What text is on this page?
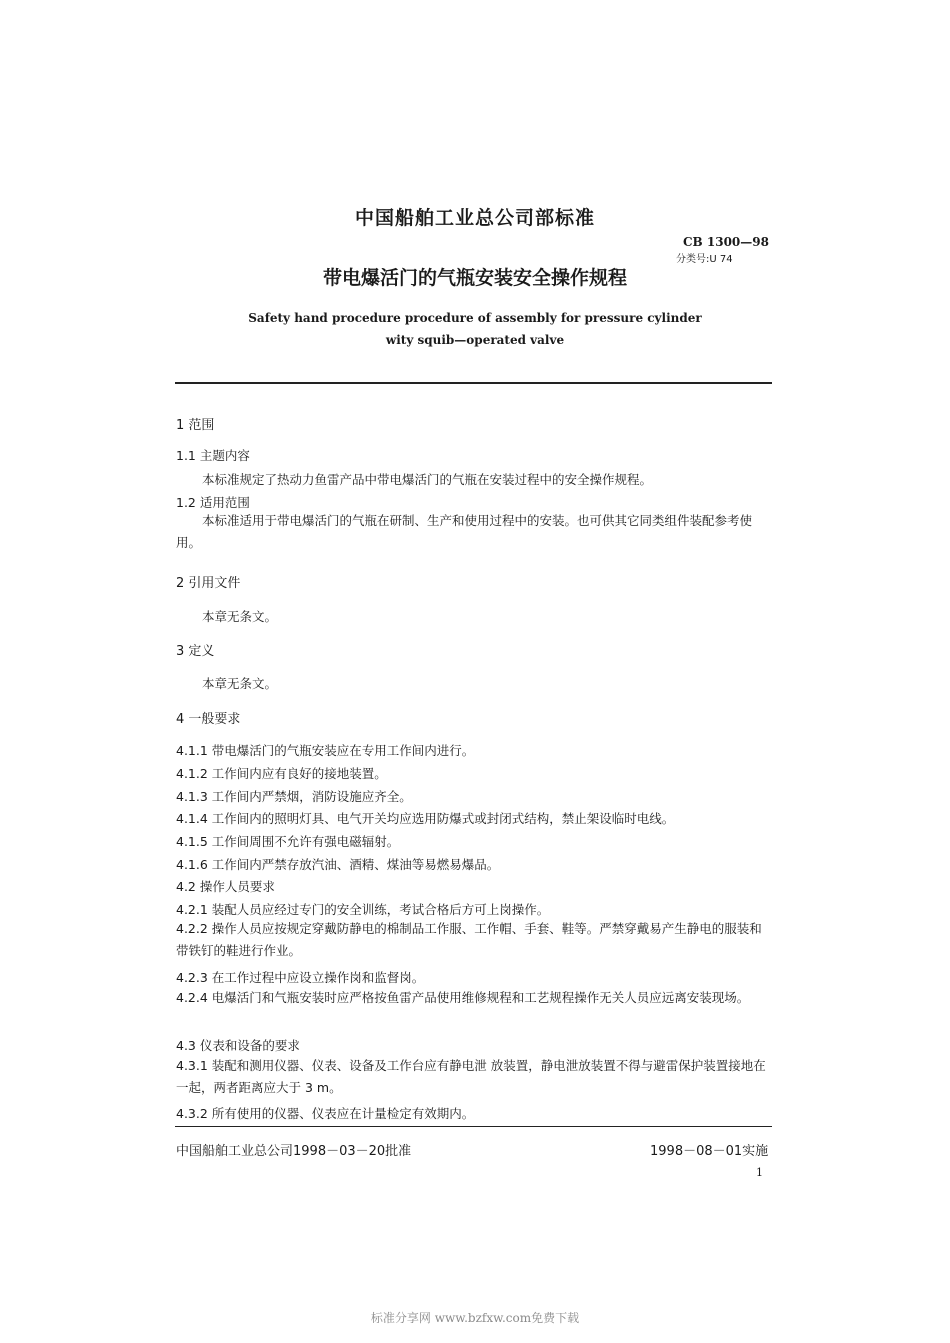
中国船舶工业总公司部标准
CB 1300—98
分类号:U 74
带电爆活门的气瓶安装安全操作规程
Safety hand procedure procedure of assembly for pressure cylinder
wity squib—operated valve
1 范围
1.1 主题内容
本标准规定了热动力鱼雷产品中带电爆活门的气瓶在安装过程中的安全操作规程。
1.2 适用范围
本标准适用于带电爆活门的气瓶在研制、生产和使用过程中的安装。也可供其它同类组件装配参考使用。
2 引用文件
本章无条文。
3 定义
本章无条文。
4 一般要求
4.1.1 带电爆活门的气瓶安装应在专用工作间内进行。
4.1.2 工作间内应有良好的接地装置。
4.1.3 工作间内严禁烟，消防设施应齐全。
4.1.4 工作间内的照明灯具、电气开关均应选用防爆式或封闭式结构，禁止架设临时电线。
4.1.5 工作间周围不允许有强电磁辐射。
4.1.6 工作间内严禁存放汽油、酒精、煤油等易燃易爆品。
4.2 操作人员要求
4.2.1 装配人员应经过专门的安全训练，考试合格后方可上岗操作。
4.2.2 操作人员应按规定穿戴防静电的棉制品工作服、工作帽、手套、鞋等。严禁穿戴易产生静电的服装和带铁钉的鞋进行作业。
4.2.3 在工作过程中应设立操作岗和监督岗。
4.2.4 电爆活门和气瓶安装时应严格按鱼雷产品使用维修规程和工艺规程操作无关人员应远离安装现场。
4.3 仪表和设备的要求
4.3.1 装配和测用仪器、仪表、设备及工作台应有静电泄 放装置，静电泄放装置不得与避雷保护装置接地在一起，两者距离应大于 3 m。
4.3.2 所有使用的仪器、仪表应在计量检定有效期内。
中国船舶工业总公司1998－03－20批准	1998－08－01实施
1
标准分享网 www.bzfxw.com免费下载
